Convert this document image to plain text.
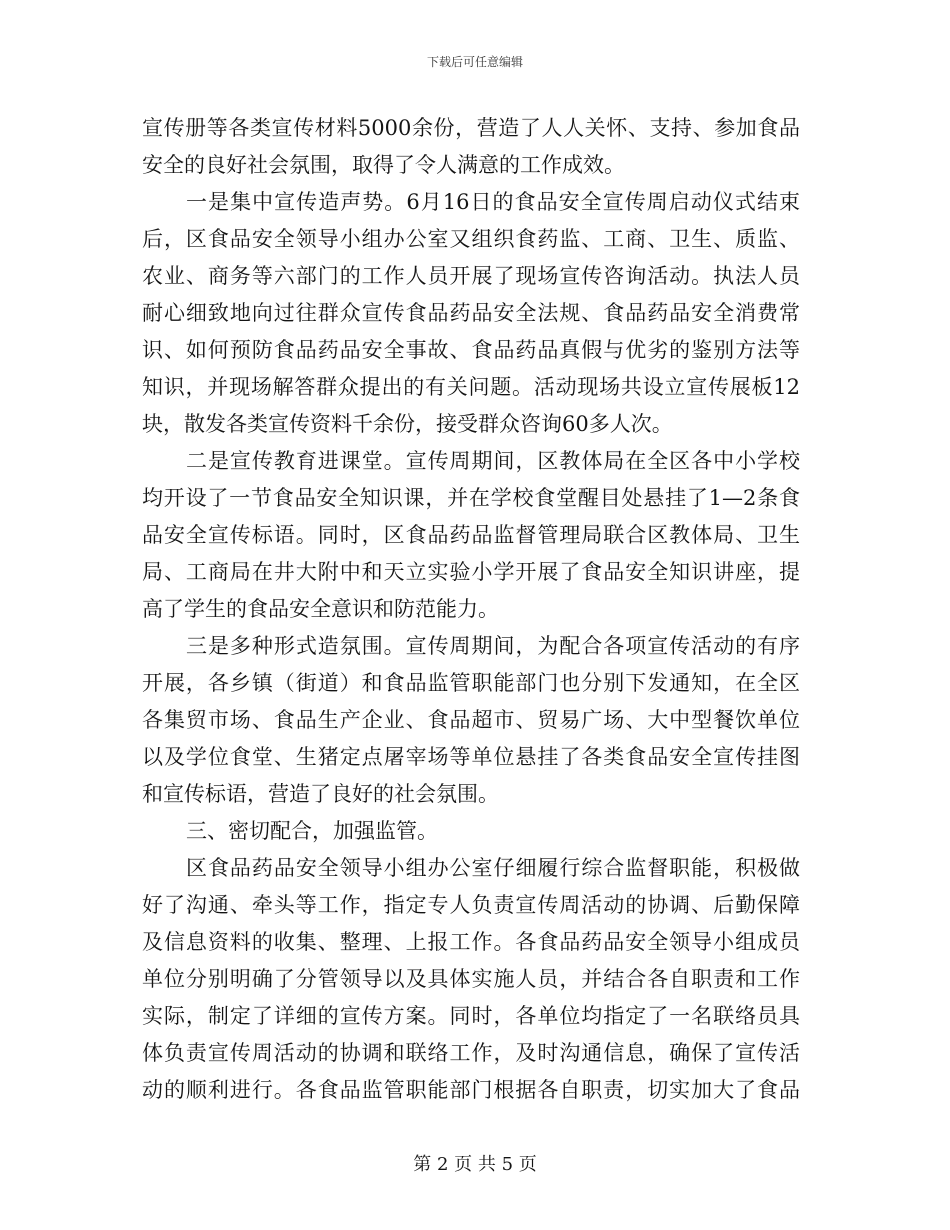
下载后可任意编辑
宣传册等各类宣传材料5000余份，营造了人人关怀、支持、参加食品
安全的良好社会氛围，取得了令人满意的工作成效。
一是集中宣传造声势。6月16日的食品安全宣传周启动仪式结束
后，区食品安全领导小组办公室又组织食药监、工商、卫生、质监、
农业、商务等六部门的工作人员开展了现场宣传咨询活动。执法人员
耐心细致地向过往群众宣传食品药品安全法规、食品药品安全消费常
识、如何预防食品药品安全事故、食品药品真假与优劣的鉴别方法等
知识，并现场解答群众提出的有关问题。活动现场共设立宣传展板12
块，散发各类宣传资料千余份，接受群众咨询60多人次。
二是宣传教育进课堂。宣传周期间，区教体局在全区各中小学校
均开设了一节食品安全知识课，并在学校食堂醒目处悬挂了1—2条食
品安全宣传标语。同时，区食品药品监督管理局联合区教体局、卫生
局、工商局在井大附中和天立实验小学开展了食品安全知识讲座，提
高了学生的食品安全意识和防范能力。
三是多种形式造氛围。宣传周期间，为配合各项宣传活动的有序
开展，各乡镇（街道）和食品监管职能部门也分别下发通知，在全区
各集贸市场、食品生产企业、食品超市、贸易广场、大中型餐饮单位
以及学位食堂、生猪定点屠宰场等单位悬挂了各类食品安全宣传挂图
和宣传标语，营造了良好的社会氛围。
三、密切配合，加强监管。
区食品药品安全领导小组办公室仔细履行综合监督职能，积极做
好了沟通、牵头等工作，指定专人负责宣传周活动的协调、后勤保障
及信息资料的收集、整理、上报工作。各食品药品安全领导小组成员
单位分别明确了分管领导以及具体实施人员，并结合各自职责和工作
实际，制定了详细的宣传方案。同时，各单位均指定了一名联络员具
体负责宣传周活动的协调和联络工作，及时沟通信息，确保了宣传活
动的顺利进行。各食品监管职能部门根据各自职责，切实加大了食品
第 2 页 共 5 页
